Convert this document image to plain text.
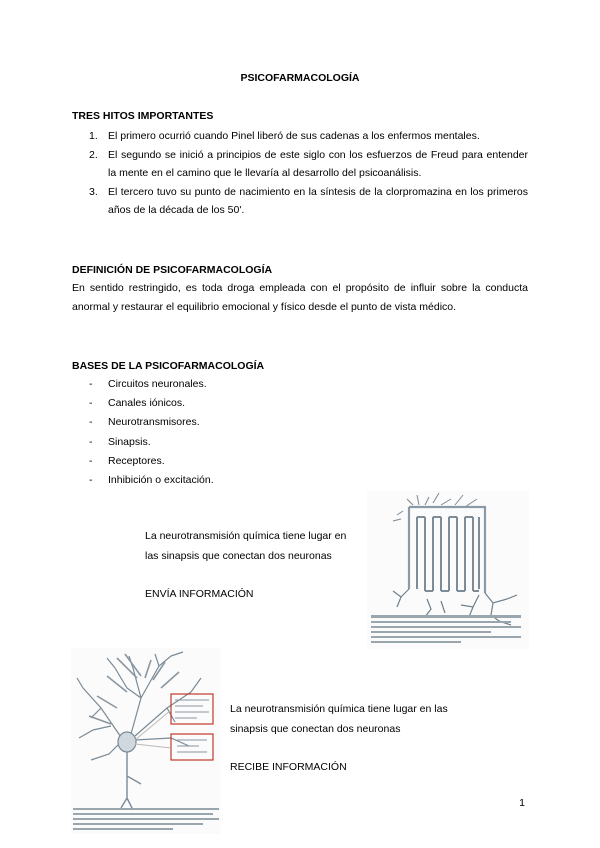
PSICOFARMACOLOGÍA
TRES HITOS IMPORTANTES
1. El primero ocurrió cuando Pinel liberó de sus cadenas a los enfermos mentales.
2. El segundo se inició a principios de este siglo con los esfuerzos de Freud para entender la mente en el camino que le llevaría al desarrollo del psicoanálisis.
3. El tercero tuvo su punto de nacimiento en la síntesis de la clorpromazina en los primeros años de la década de los 50'.
DEFINICIÓN DE PSICOFARMACOLOGÍA
En sentido restringido, es toda droga empleada con el propósito de influir sobre la conducta anormal y restaurar el equilibrio emocional y físico desde el punto de vista médico.
BASES DE LA PSICOFARMACOLOGÍA
- Circuitos neuronales.
- Canales iónicos.
- Neurotransmisores.
- Sinapsis.
- Receptores.
- Inhibición o excitación.
La neurotransmisión química tiene lugar en
las sinapsis que conectan dos neuronas
ENVÍA INFORMACIÓN
La neurotransmisión química tiene lugar en las
sinapsis que conectan dos neuronas
RECIBE INFORMACIÓN
1
